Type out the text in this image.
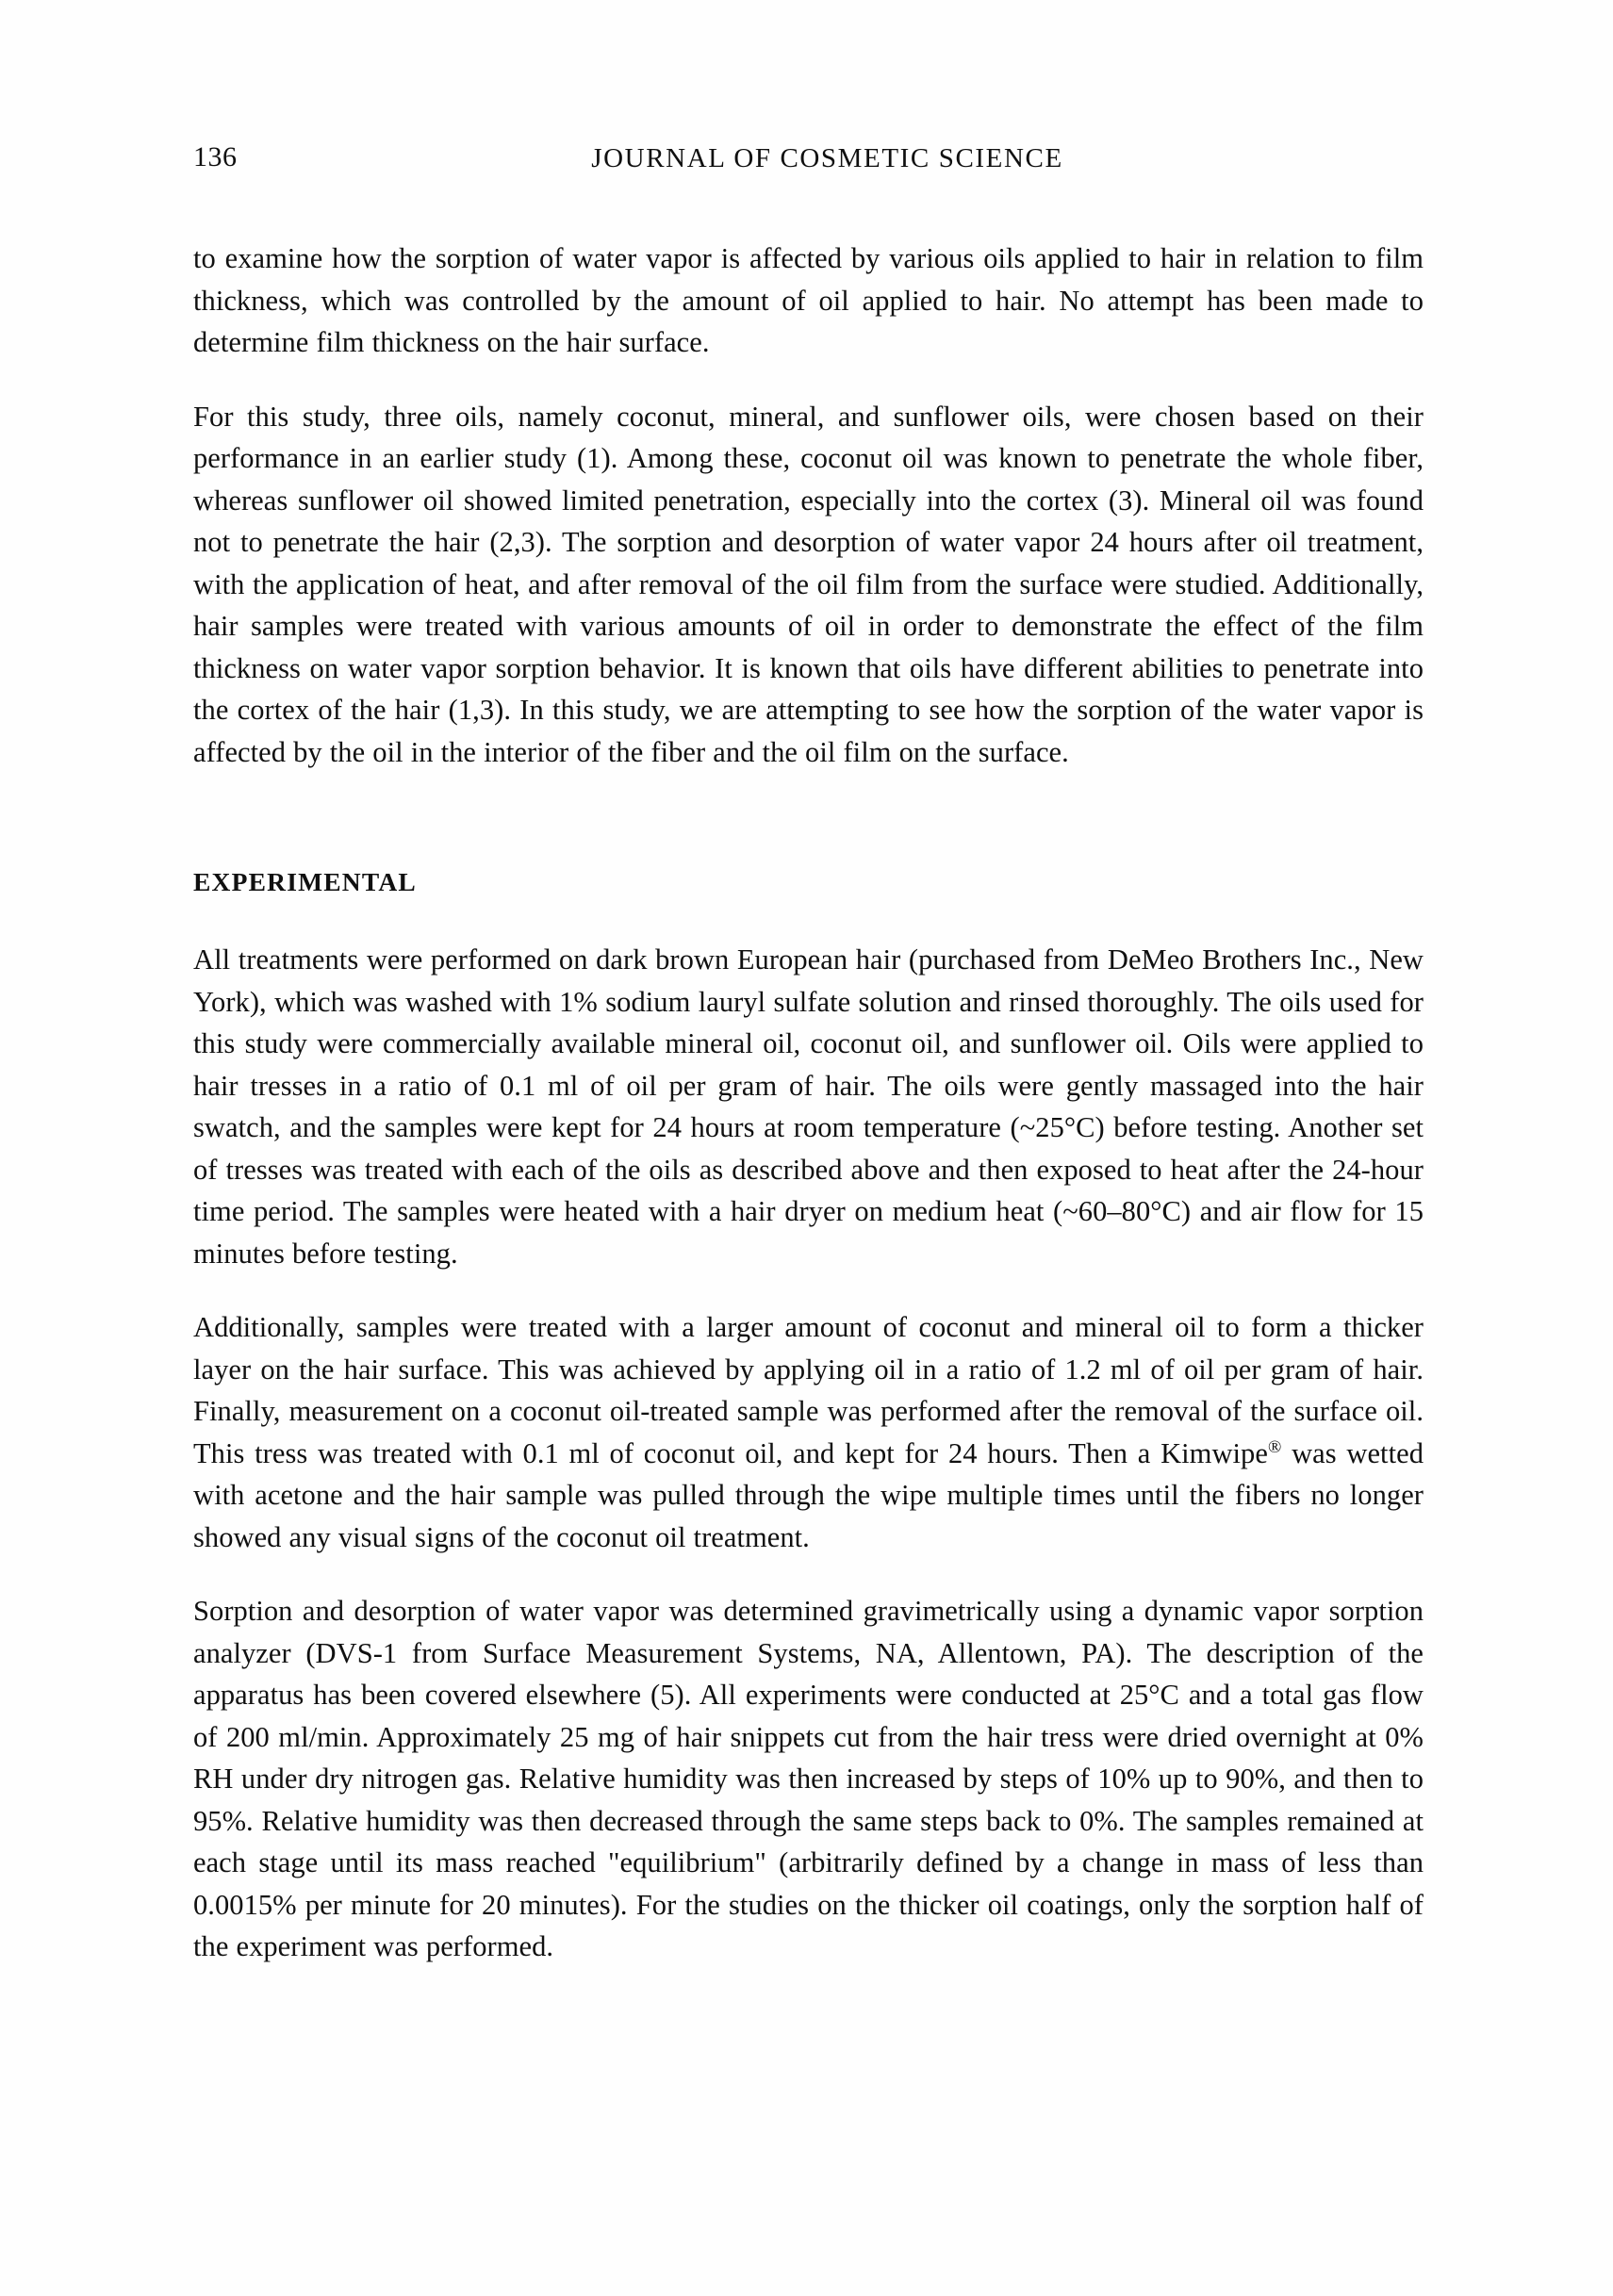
136	JOURNAL OF COSMETIC SCIENCE

to examine how the sorption of water vapor is affected by various oils applied to hair in relation to film thickness, which was controlled by the amount of oil applied to hair. No attempt has been made to determine film thickness on the hair surface.

For this study, three oils, namely coconut, mineral, and sunflower oils, were chosen based on their performance in an earlier study (1). Among these, coconut oil was known to penetrate the whole fiber, whereas sunflower oil showed limited penetration, especially into the cortex (3). Mineral oil was found not to penetrate the hair (2,3). The sorption and desorption of water vapor 24 hours after oil treatment, with the application of heat, and after removal of the oil film from the surface were studied. Additionally, hair samples were treated with various amounts of oil in order to demonstrate the effect of the film thickness on water vapor sorption behavior. It is known that oils have different abilities to penetrate into the cortex of the hair (1,3). In this study, we are attempting to see how the sorption of the water vapor is affected by the oil in the interior of the fiber and the oil film on the surface.

EXPERIMENTAL

All treatments were performed on dark brown European hair (purchased from DeMeo Brothers Inc., New York), which was washed with 1% sodium lauryl sulfate solution and rinsed thoroughly. The oils used for this study were commercially available mineral oil, coconut oil, and sunflower oil. Oils were applied to hair tresses in a ratio of 0.1 ml of oil per gram of hair. The oils were gently massaged into the hair swatch, and the samples were kept for 24 hours at room temperature (~25°C) before testing. Another set of tresses was treated with each of the oils as described above and then exposed to heat after the 24-hour time period. The samples were heated with a hair dryer on medium heat (~60–80°C) and air flow for 15 minutes before testing.

Additionally, samples were treated with a larger amount of coconut and mineral oil to form a thicker layer on the hair surface. This was achieved by applying oil in a ratio of 1.2 ml of oil per gram of hair. Finally, measurement on a coconut oil-treated sample was performed after the removal of the surface oil. This tress was treated with 0.1 ml of coconut oil, and kept for 24 hours. Then a Kimwipe® was wetted with acetone and the hair sample was pulled through the wipe multiple times until the fibers no longer showed any visual signs of the coconut oil treatment.

Sorption and desorption of water vapor was determined gravimetrically using a dynamic vapor sorption analyzer (DVS-1 from Surface Measurement Systems, NA, Allentown, PA). The description of the apparatus has been covered elsewhere (5). All experiments were conducted at 25°C and a total gas flow of 200 ml/min. Approximately 25 mg of hair snippets cut from the hair tress were dried overnight at 0% RH under dry nitrogen gas. Relative humidity was then increased by steps of 10% up to 90%, and then to 95%. Relative humidity was then decreased through the same steps back to 0%. The samples remained at each stage until its mass reached "equilibrium" (arbitrarily defined by a change in mass of less than 0.0015% per minute for 20 minutes). For the studies on the thicker oil coatings, only the sorption half of the experiment was performed.
